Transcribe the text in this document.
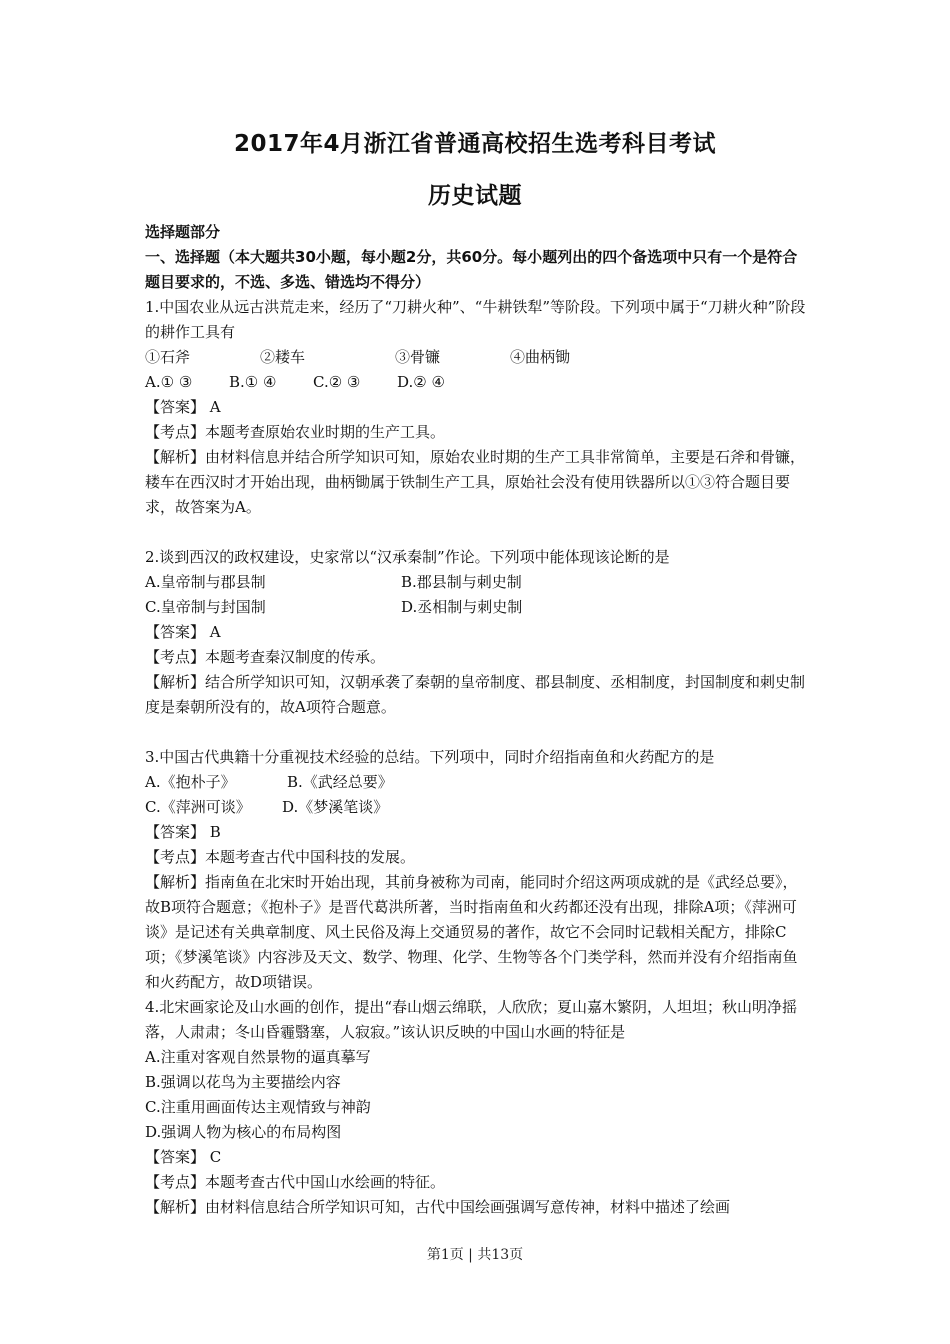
2017年4月浙江省普通高校招生选考科目考试
历史试题

选择题部分

一、选择题（本大题共30小题，每小题2分，共60分。每小题列出的四个备选项中只有一个是符合题目要求的，不选、多选、错选均不得分）

1.中国农业从远古洪荒走来，经历了“刀耕火种”、“牛耕铁犁”等阶段。下列项中属于“刀耕火种”阶段的耕作工具有

①石斧	②耧车	③骨镰	④曲柄锄
A.① ③	B.① ④	C.② ③	D.② ④

【答案】 A

【考点】本题考查原始农业时期的生产工具。

【解析】由材料信息并结合所学知识可知，原始农业时期的生产工具非常简单，主要是石斧和骨镰，耧车在西汉时才开始出现，曲柄锄属于铁制生产工具，原始社会没有使用铁器所以①③符合题目要求，故答案为A。

2.谈到西汉的政权建设，史家常以“汉承秦制”作论。下列项中能体现该论断的是

A.皇帝制与郡县制	B.郡县制与刺史制
C.皇帝制与封国制	D.丞相制与刺史制

【答案】 A

【考点】本题考查秦汉制度的传承。

【解析】结合所学知识可知，汉朝承袭了秦朝的皇帝制度、郡县制度、丞相制度，封国制度和刺史制度是秦朝所没有的，故A项符合题意。

3.中国古代典籍十分重视技术经验的总结。下列项中，同时介绍指南鱼和火药配方的是

A.《抱朴子》	B.《武经总要》
C.《萍洲可谈》	D.《梦溪笔谈》

【答案】 B

【考点】本题考查古代中国科技的发展。

【解析】指南鱼在北宋时开始出现，其前身被称为司南，能同时介绍这两项成就的是《武经总要》，故B项符合题意；《抱朴子》是晋代葛洪所著，当时指南鱼和火药都还没有出现，排除A项；《萍洲可谈》是记述有关典章制度、风土民俗及海上交通贸易的著作，故它不会同时记载相关配方，排除C项；《梦溪笔谈》内容涉及天文、数学、物理、化学、生物等各个门类学科，然而并没有介绍指南鱼和火药配方，故D项错误。

4.北宋画家论及山水画的创作，提出“春山烟云绵联，人欣欣；夏山嘉木繁阴，人坦坦；秋山明净摇落，人肃肃；冬山昏霾翳塞，人寂寂。”该认识反映的中国山水画的特征是

A.注重对客观自然景物的逼真摹写

B.强调以花鸟为主要描绘内容

C.注重用画面传达主观情致与神韵

D.强调人物为核心的布局构图

【答案】 C

【考点】本题考查古代中国山水绘画的特征。

【解析】由材料信息结合所学知识可知，古代中国绘画强调写意传神，材料中描述了绘画

第1页 | 共13页
